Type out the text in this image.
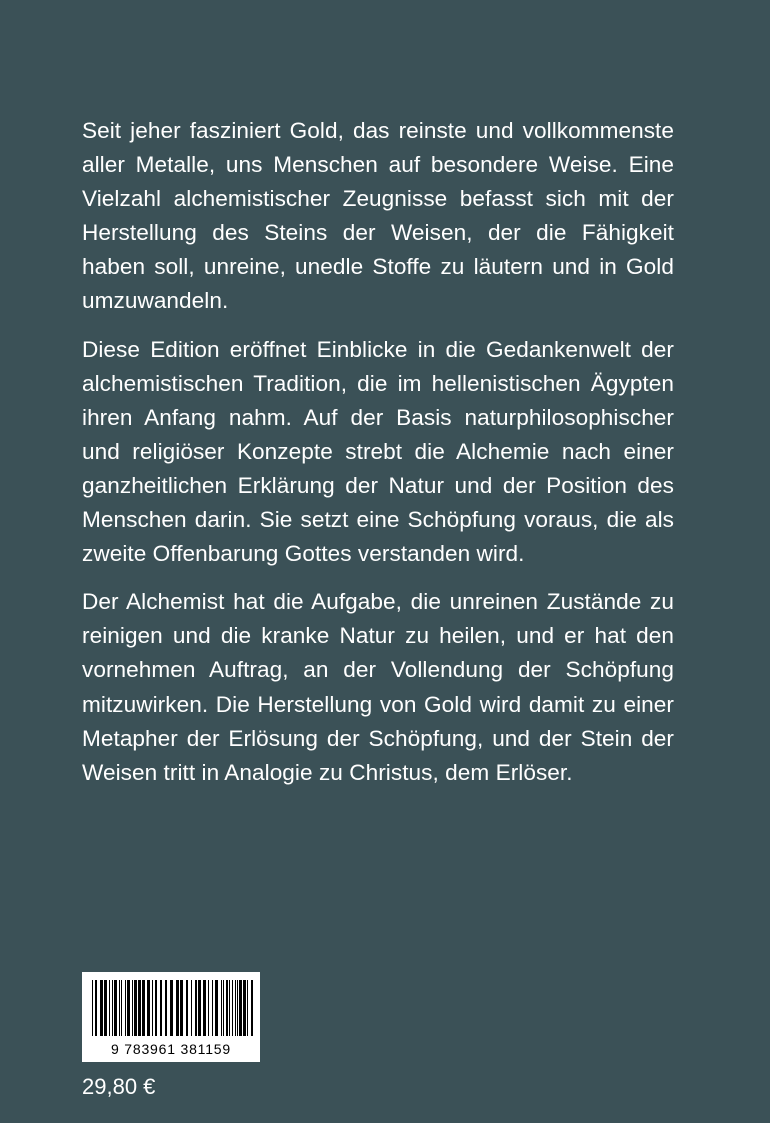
Seit jeher fasziniert Gold, das reinste und vollkommenste aller Metalle, uns Menschen auf besondere Weise. Eine Vielzahl alchemistischer Zeugnisse befasst sich mit der Herstellung des Steins der Weisen, der die Fähigkeit haben soll, unreine, unedle Stoffe zu läutern und in Gold umzuwandeln.

Diese Edition eröffnet Einblicke in die Gedankenwelt der alchemistischen Tradition, die im hellenistischen Ägypten ihren Anfang nahm. Auf der Basis naturphilosophischer und religiöser Konzepte strebt die Alchemie nach einer ganzheitlichen Erklärung der Natur und der Position des Menschen darin. Sie setzt eine Schöpfung voraus, die als zweite Offenbarung Gottes verstanden wird.

Der Alchemist hat die Aufgabe, die unreinen Zustände zu reinigen und die kranke Natur zu heilen, und er hat den vornehmen Auftrag, an der Vollendung der Schöpfung mitzuwirken. Die Herstellung von Gold wird damit zu einer Metapher der Erlösung der Schöpfung, und der Stein der Weisen tritt in Analogie zu Christus, dem Erlöser.

9 783961 381159
29,80 €
